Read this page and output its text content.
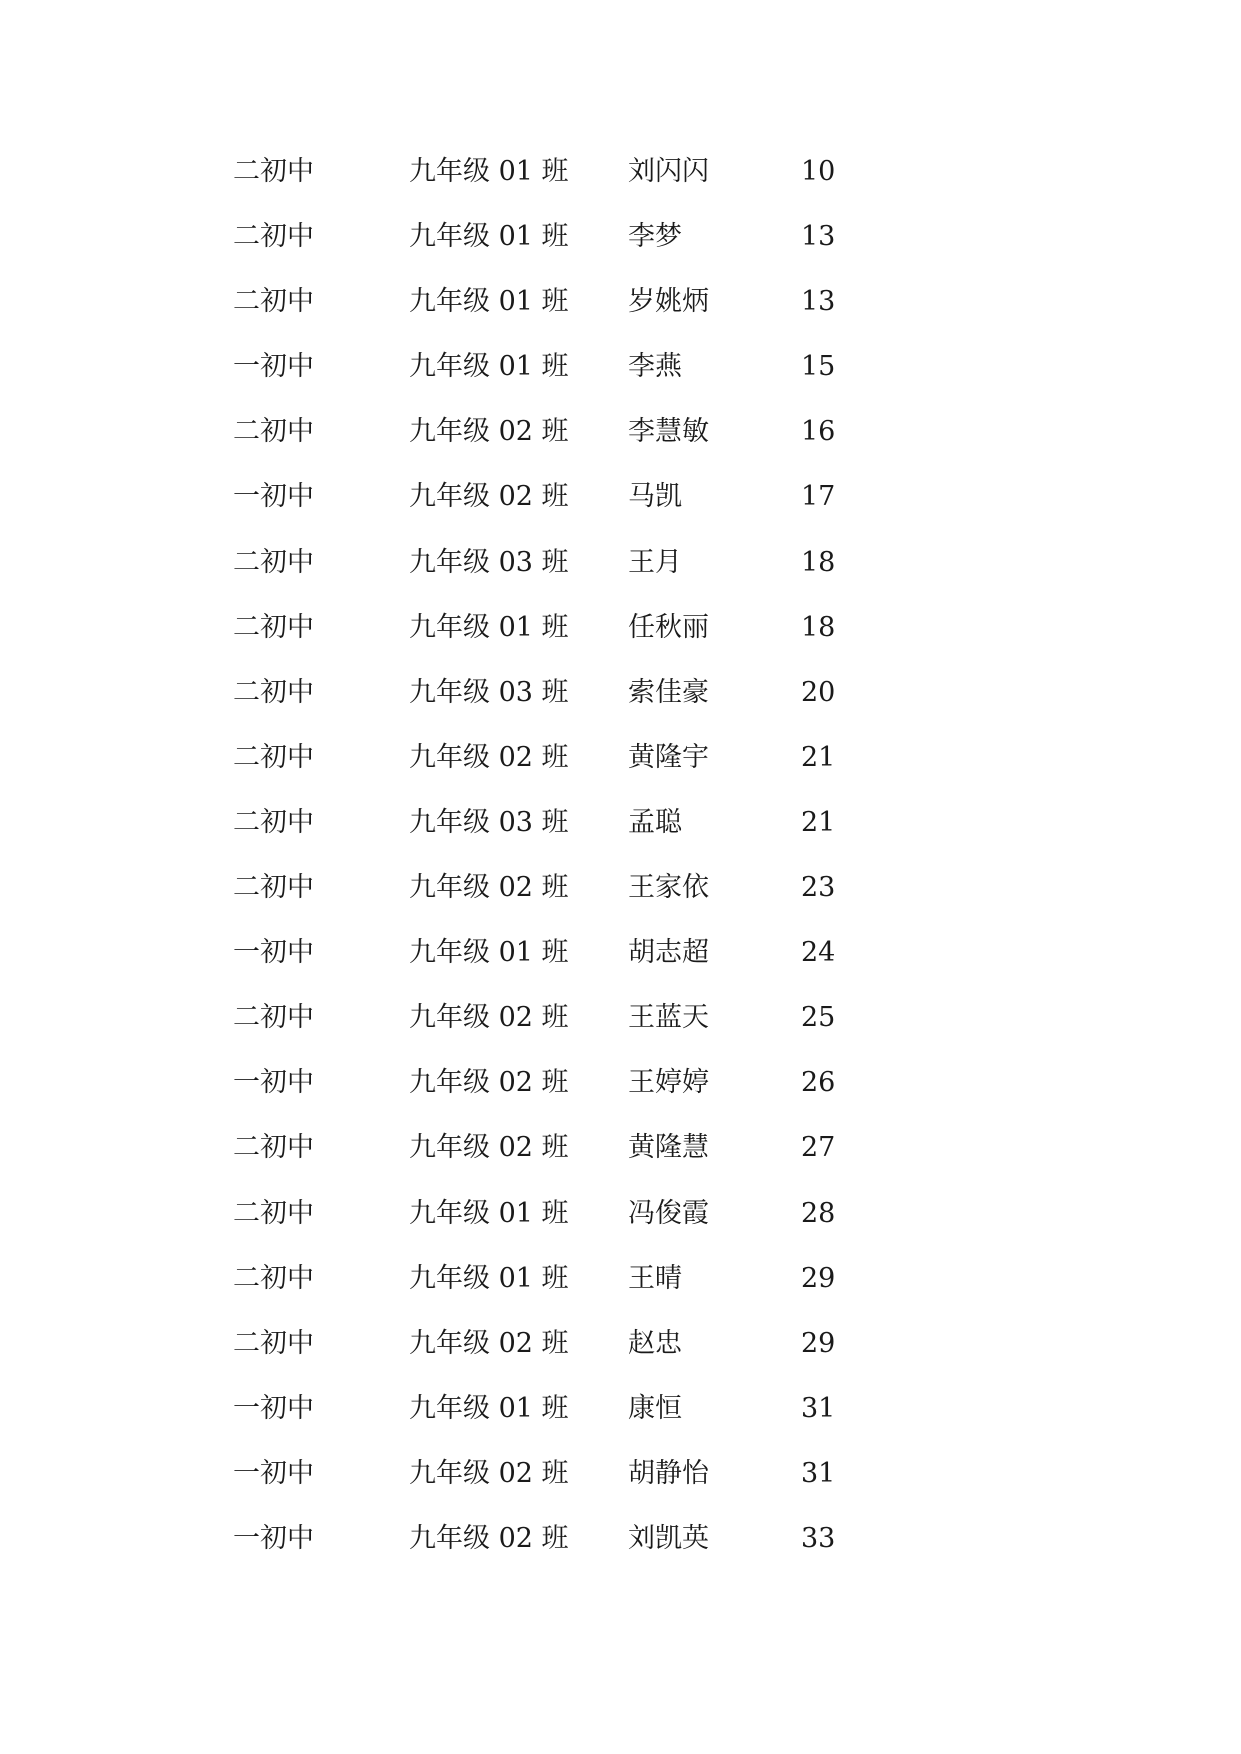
二初中	九年级 01 班 刘闪闪	10
二初中	九年级 01 班 李梦	13
二初中	九年级 01 班 岁姚炳	13
一初中	九年级 01 班 李燕	15
二初中	九年级 02 班 李慧敏	16
一初中	九年级 02 班 马凯	17
二初中	九年级 03 班 王月	18
二初中	九年级 01 班 任秋丽	18
二初中	九年级 03 班 索佳豪	20
二初中	九年级 02 班 黄隆宇	21
二初中	九年级 03 班 孟聪	21
二初中	九年级 02 班 王家依	23
一初中	九年级 01 班 胡志超	24
二初中	九年级 02 班 王蓝天	25
一初中	九年级 02 班 王婷婷	26
二初中	九年级 02 班 黄隆慧	27
二初中	九年级 01 班 冯俊霞	28
二初中	九年级 01 班 王晴	29
二初中	九年级 02 班 赵忠	29
一初中	九年级 01 班 康恒	31
一初中	九年级 02 班 胡静怡	31
一初中	九年级 02 班 刘凯英	33
